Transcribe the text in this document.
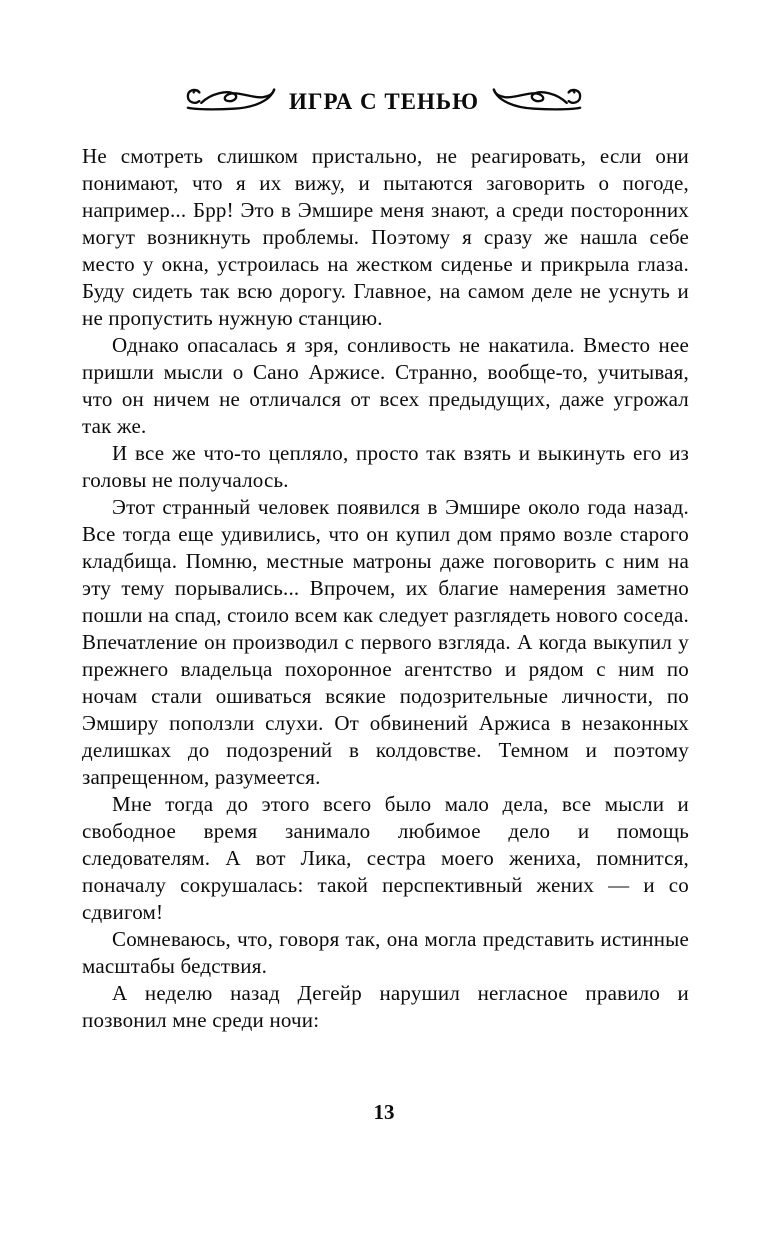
ИГРА С ТЕНЬЮ

Не смотреть слишком пристально, не реагировать, если они понимают, что я их вижу, и пытаются заговорить о погоде, например... Брр! Это в Эмшире меня знают, а среди посторонних могут возникнуть проблемы. Поэтому я сразу же нашла себе место у окна, устроилась на жестком сиденье и прикрыла глаза. Буду сидеть так всю дорогу. Главное, на самом деле не уснуть и не пропустить нужную станцию.

Однако опасалась я зря, сонливость не накатила. Вместо нее пришли мысли о Сано Аржисе. Странно, вообще-то, учитывая, что он ничем не отличался от всех предыдущих, даже угрожал так же.

И все же что-то цепляло, просто так взять и выкинуть его из головы не получалось.

Этот странный человек появился в Эмшире около года назад. Все тогда еще удивились, что он купил дом прямо возле старого кладбища. Помню, местные матроны даже поговорить с ним на эту тему порывались... Впрочем, их благие намерения заметно пошли на спад, стоило всем как следует разглядеть нового соседа. Впечатление он производил с первого взгляда. А когда выкупил у прежнего владельца похоронное агентство и рядом с ним по ночам стали ошиваться всякие подозрительные личности, по Эмширу поползли слухи. От обвинений Аржиса в незаконных делишках до подозрений в колдовстве. Темном и поэтому запрещенном, разумеется.

Мне тогда до этого всего было мало дела, все мысли и свободное время занимало любимое дело и помощь следователям. А вот Лика, сестра моего жениха, помнится, поначалу сокрушалась: такой перспективный жених — и со сдвигом!

Сомневаюсь, что, говоря так, она могла представить истинные масштабы бедствия.

А неделю назад Дегейр нарушил негласное правило и позвонил мне среди ночи:

13
